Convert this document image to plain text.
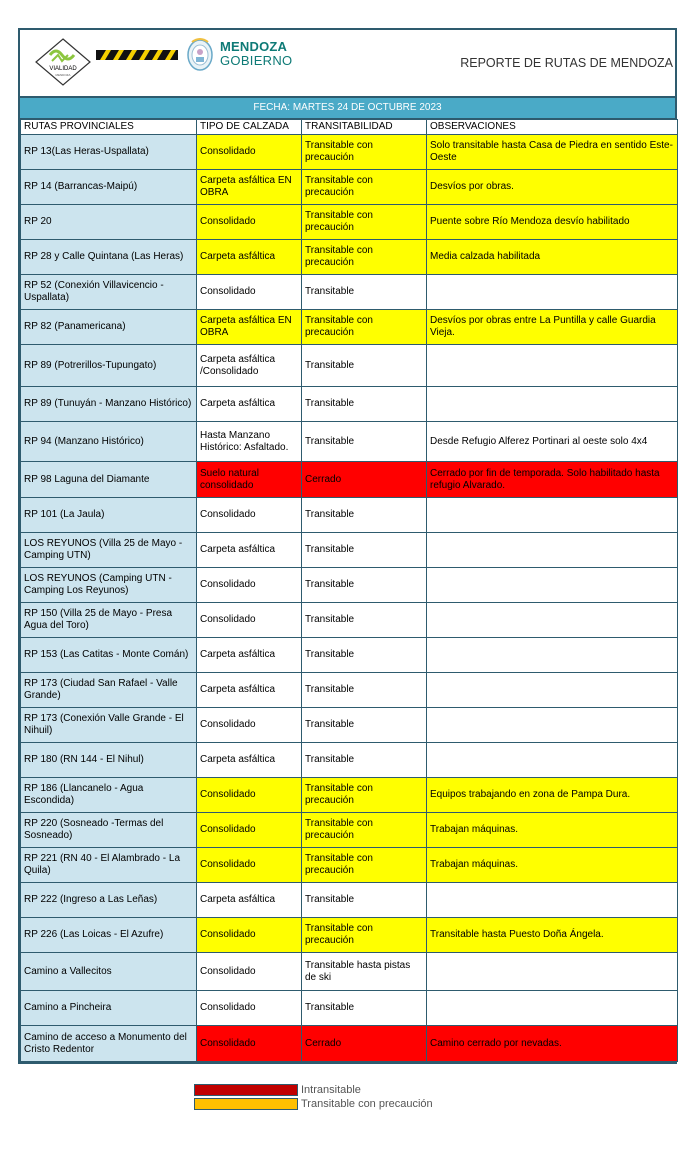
VIALIDAD
MENDOZA
MENDOZA
GOBIERNO	REPORTE DE RUTAS DE MENDOZA
FECHA: MARTES 24 DE OCTUBRE 2023
RUTAS PROVINCIALES	TIPO DE CALZADA	TRANSITABILIDAD	OBSERVACIONES
RP 13(Las Heras-Uspallata)	Consolidado	Transitable con precaución	Solo transitable hasta Casa de Piedra en sentido Este-Oeste
RP 14 (Barrancas-Maipú)	Carpeta asfáltica EN OBRA	Transitable con precaución	Desvíos por obras.
RP 20	Consolidado	Transitable con precaución	Puente sobre Río Mendoza desvío habilitado
RP 28 y Calle Quintana (Las Heras)	Carpeta asfáltica	Transitable con precaución	Media calzada habilitada
RP 52 (Conexión Villavicencio - Uspallata)	Consolidado	Transitable	
RP 82 (Panamericana)	Carpeta asfáltica EN OBRA	Transitable con precaución	Desvíos por obras entre La Puntilla y calle Guardia Vieja.
RP 89 (Potrerillos-Tupungato)	Carpeta asfáltica /Consolidado	Transitable	
RP 89 (Tunuyán - Manzano Histórico)	Carpeta asfáltica	Transitable	
RP 94 (Manzano Histórico)	Hasta Manzano Histórico: Asfaltado.	Transitable	Desde Refugio Alferez Portinari al oeste solo 4x4
RP 98 Laguna del Diamante	Suelo natural consolidado	Cerrado	Cerrado por fin de temporada. Solo habilitado hasta refugio Alvarado.
RP 101 (La Jaula)	Consolidado	Transitable	
LOS REYUNOS (Villa 25 de Mayo - Camping UTN)	Carpeta asfáltica	Transitable	
LOS REYUNOS (Camping UTN - Camping Los Reyunos)	Consolidado	Transitable	
RP 150 (Villa 25 de Mayo - Presa Agua del Toro)	Consolidado	Transitable	
RP 153 (Las Catitas - Monte Comán)	Carpeta asfáltica	Transitable	
RP 173 (Ciudad San Rafael - Valle Grande)	Carpeta asfáltica	Transitable	
RP 173 (Conexión Valle Grande - El Nihuil)	Consolidado	Transitable	
RP 180 (RN 144 - El Nihul)	Carpeta asfáltica	Transitable	
RP 186 (Llancanelo - Agua Escondida)	Consolidado	Transitable con precaución	Equipos trabajando en zona de Pampa Dura.
RP 220 (Sosneado -Termas del Sosneado)	Consolidado	Transitable con precaución	Trabajan máquinas.
RP 221 (RN 40 - El Alambrado - La Quila)	Consolidado	Transitable con precaución	Trabajan máquinas.
RP 222 (Ingreso a Las Leñas)	Carpeta asfáltica	Transitable	
RP 226 (Las Loicas - El Azufre)	Consolidado	Transitable con precaución	Transitable hasta Puesto Doña Ángela.
Camino a Vallecitos	Consolidado	Transitable hasta pistas de ski	
Camino a Pincheira	Consolidado	Transitable	
Camino de acceso a Monumento del Cristo Redentor	Consolidado	Cerrado	Camino cerrado por nevadas.
Intransitable
Transitable con precaución
